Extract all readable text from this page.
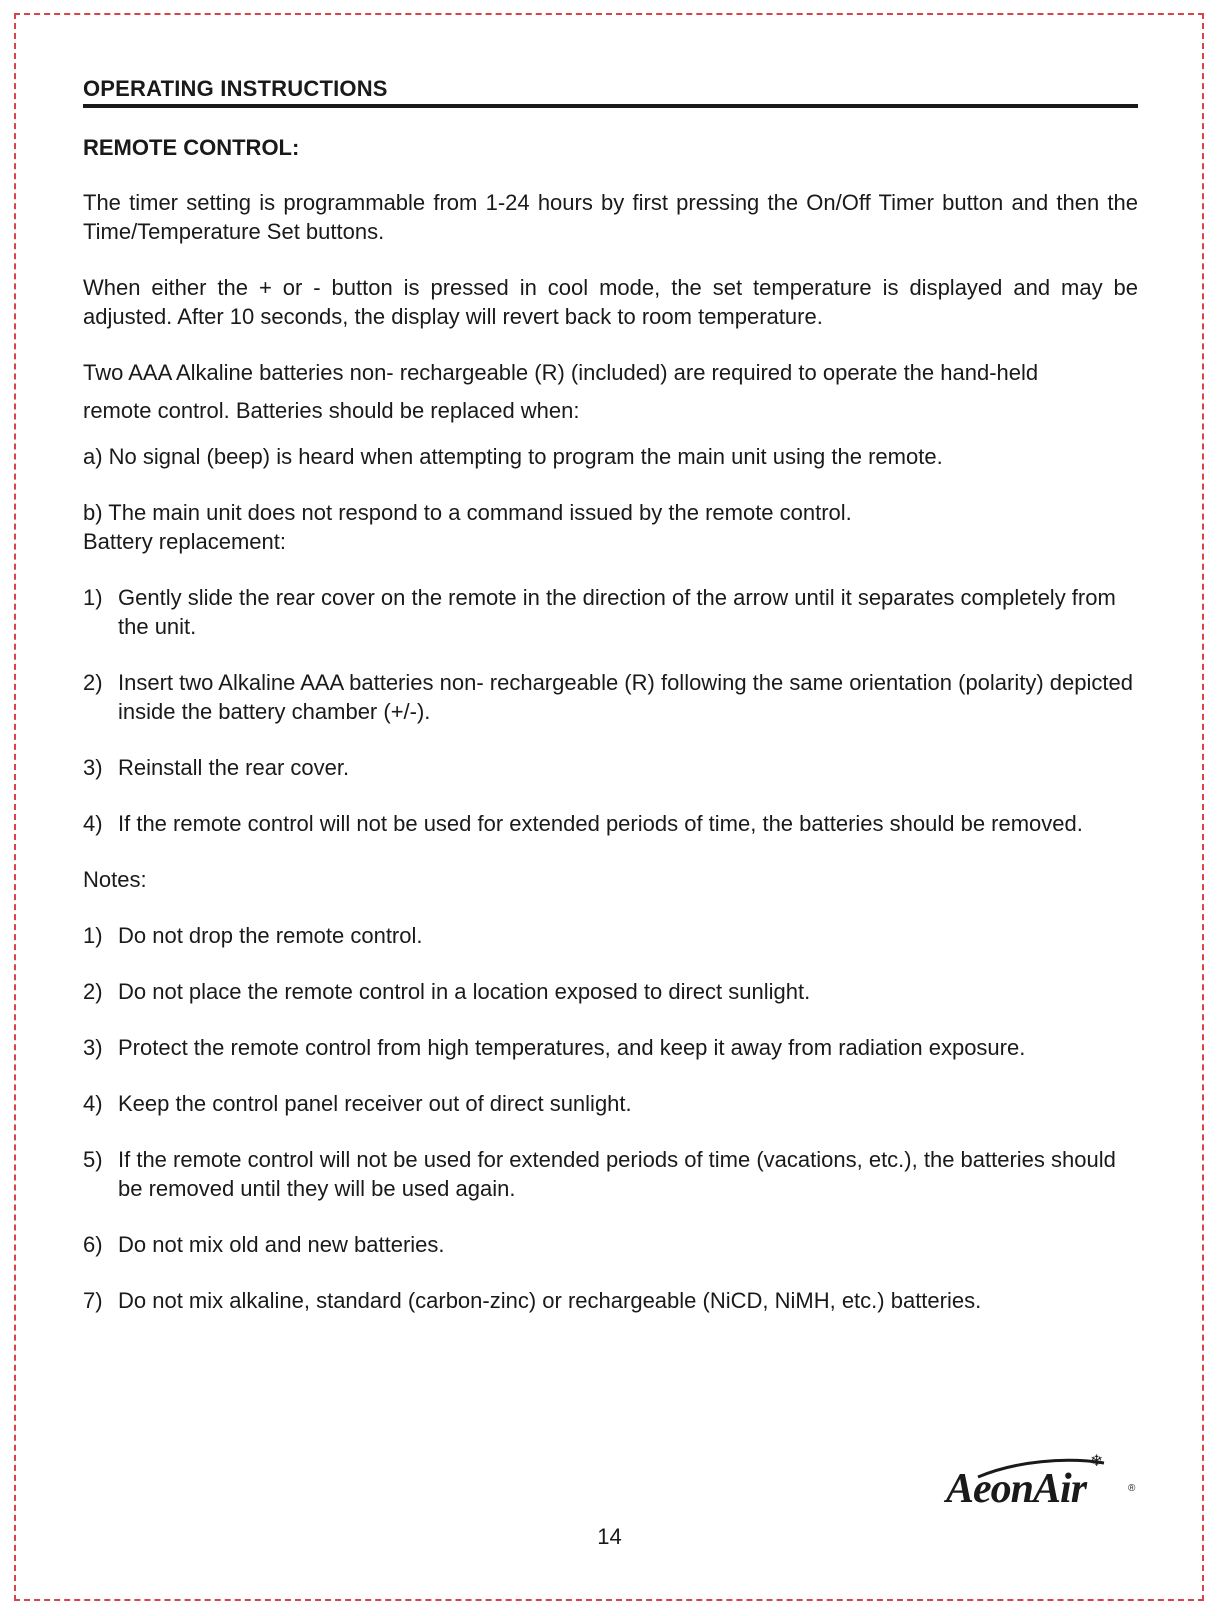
OPERATING INSTRUCTIONS
REMOTE CONTROL:

The timer setting is programmable from 1-24 hours by first pressing the On/Off Timer button and then the Time/Temperature Set buttons.

When either the + or - button is pressed in cool mode, the set temperature is displayed and may be adjusted. After 10 seconds, the display will revert back to room temperature.

Two AAA Alkaline batteries non- rechargeable (R) (included) are required to operate the hand-held

remote control. Batteries should be replaced when:

a) No signal (beep) is heard when attempting to program the main unit using the remote.

b) The main unit does not respond to a command issued by the remote control.

Battery replacement:

1) Gently slide the rear cover on the remote in the direction of the arrow until it separates completely from the unit.
2) Insert two Alkaline AAA batteries non- rechargeable (R) following the same orientation (polarity) depicted inside the battery chamber (+/-).
3) Reinstall the rear cover.
4) If the remote control will not be used for extended periods of time, the batteries should be removed.

Notes:

1) Do not drop the remote control.
2) Do not place the remote control in a location exposed to direct sunlight.
3) Protect the remote control from high temperatures, and keep it away from radiation exposure.
4) Keep the control panel receiver out of direct sunlight.
5) If the remote control will not be used for extended periods of time (vacations, etc.), the batteries should be removed until they will be used again.
6) Do not mix old and new batteries.
7) Do not mix alkaline, standard (carbon-zinc) or rechargeable (NiCD, NiMH, etc.) batteries.
❄
AeonAir	®
14
